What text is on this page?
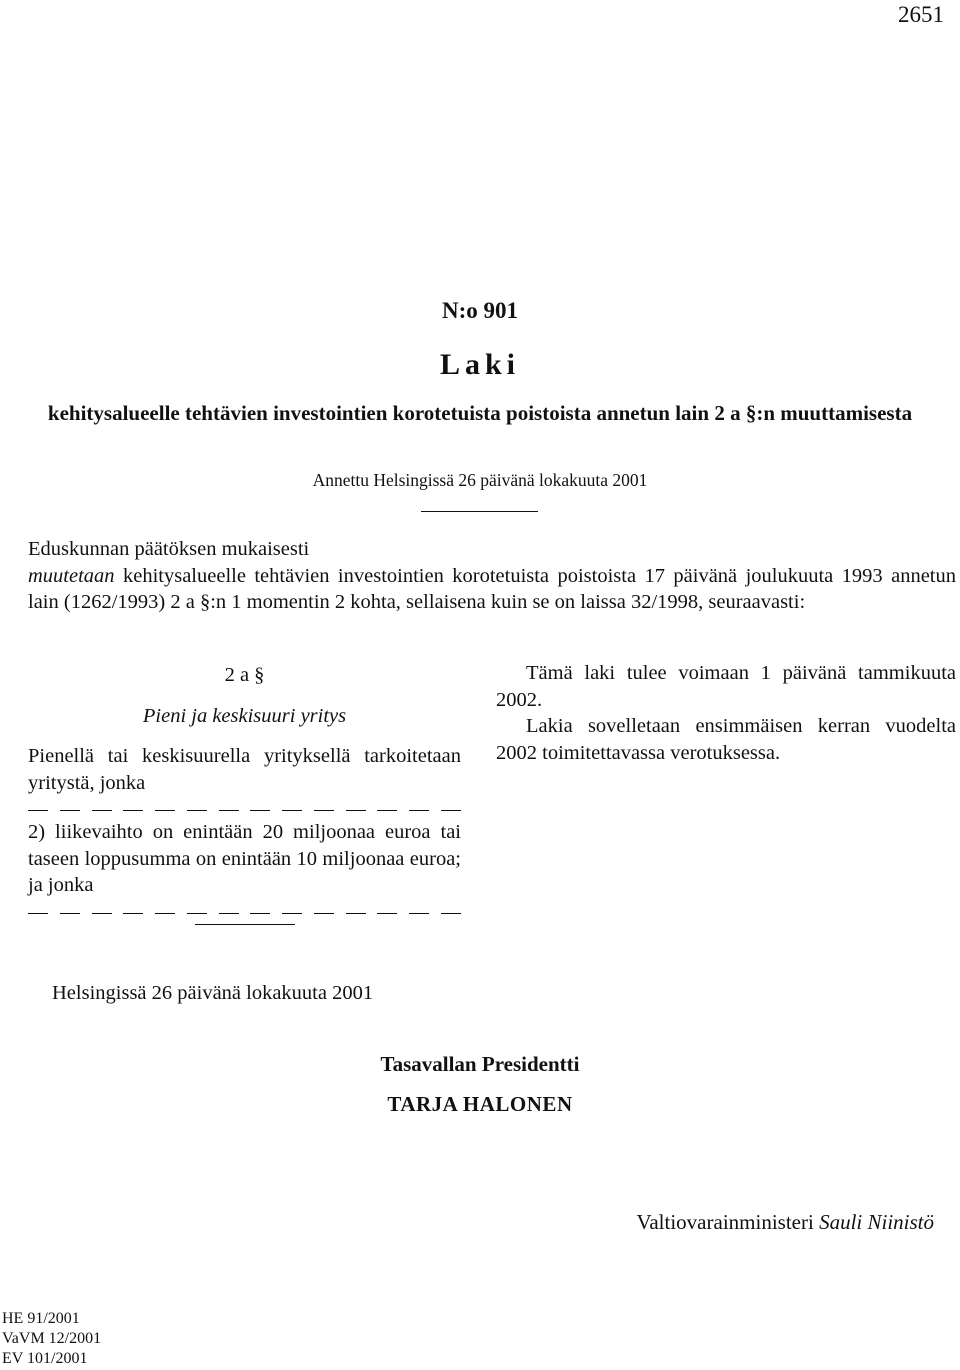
2651
N:o 901
Laki
kehitysalueelle tehtävien investointien korotetuista poistoista annetun lain 2 a §:n muuttamisesta
Annettu Helsingissä 26 päivänä lokakuuta 2001

Eduskunnan päätöksen mukaisesti

muutetaan kehitysalueelle tehtävien investointien korotetuista poistoista 17 päivänä joulukuuta 1993 annetun lain (1262/1993) 2 a §:n 1 momentin 2 kohta, sellaisena kuin se on laissa 32/1998, seuraavasti:

2 a §
Pieni ja keskisuuri yritys

Pienellä tai keskisuurella yrityksellä tarkoitetaan yritystä, jonka

2) liikevaihto on enintään 20 miljoonaa euroa tai taseen loppusumma on enintään 10 miljoonaa euroa; ja jonka

Tämä laki tulee voimaan 1 päivänä tammikuuta 2002.

Lakia sovelletaan ensimmäisen kerran vuodelta 2002 toimitettavassa verotuksessa.

Helsingissä 26 päivänä lokakuuta 2001
Tasavallan Presidentti
TARJA HALONEN
Valtiovarainministeri Sauli Niinistö
HE 91/2001
VaVM 12/2001
EV 101/2001
